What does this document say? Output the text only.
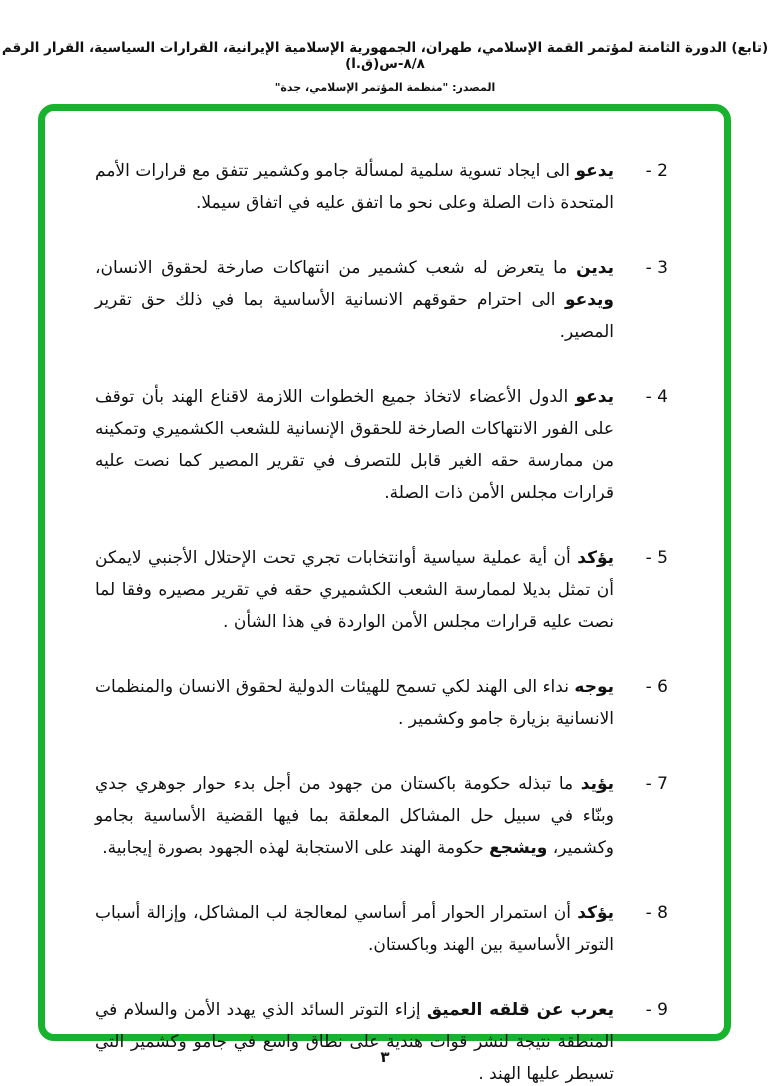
(تابع) الدورة الثامنة لمؤتمر القمة الإسلامي، طهران، الجمهورية الإسلامية الإيرانية، القرارات السياسية، القرار الرقم ٨/٨-س(ق.ا)
المصدر: "منظمة المؤتمر الإسلامي، جدة"
2 -
يدعو الى ايجاد تسوية سلمية لمسألة جامو وكشمير تتفق مع قرارات الأمم المتحدة ذات الصلة وعلى نحو ما اتفق عليه في اتفاق سيملا.
3 -
يدين ما يتعرض له شعب كشمير من انتهاكات صارخة لحقوق الانسان، ويدعو الى احترام حقوقهم الانسانية الأساسية بما في ذلك حق تقرير المصير.
4 -
يدعو الدول الأعضاء لاتخاذ جميع الخطوات اللازمة لاقناع الهند بأن توقف على الفور الانتهاكات الصارخة للحقوق الإنسانية للشعب الكشميري وتمكينه من ممارسة حقه الغير قابل للتصرف في تقرير المصير كما نصت عليه قرارات مجلس الأمن ذات الصلة.
5 -
يؤكد أن أية عملية سياسية أوانتخابات تجري تحت الإحتلال الأجنبي لايمكن أن تمثل بديلا لممارسة الشعب الكشميري حقه في تقرير مصيره وفقا لما نصت عليه قرارات مجلس الأمن الواردة في هذا الشأن .
6 -
يوجه نداء الى الهند لكي تسمح للهيئات الدولية لحقوق الانسان والمنظمات الانسانية بزيارة جامو وكشمير .
7 -
يؤيد ما تبذله حكومة باكستان من جهود من أجل بدء حوار جوهري جدي وبنّاء في سبيل حل المشاكل المعلقة بما فيها القضية الأساسية بجامو وكشمير، ويشجع حكومة الهند على الاستجابة لهذه الجهود بصورة إيجابية.
8 -
يؤكد أن استمرار الحوار أمر أساسي لمعالجة لب المشاكل، وإزالة أسباب التوتر الأساسية بين الهند وباكستان.
9 -
يعرب عن قلقه العميق إزاء التوتر السائد الذي يهدد الأمن والسلام في المنطقة نتيجة لنشر قوات هندية على نطاق واسع في جامو وكشمير التي تسيطر عليها الهند .
٣
